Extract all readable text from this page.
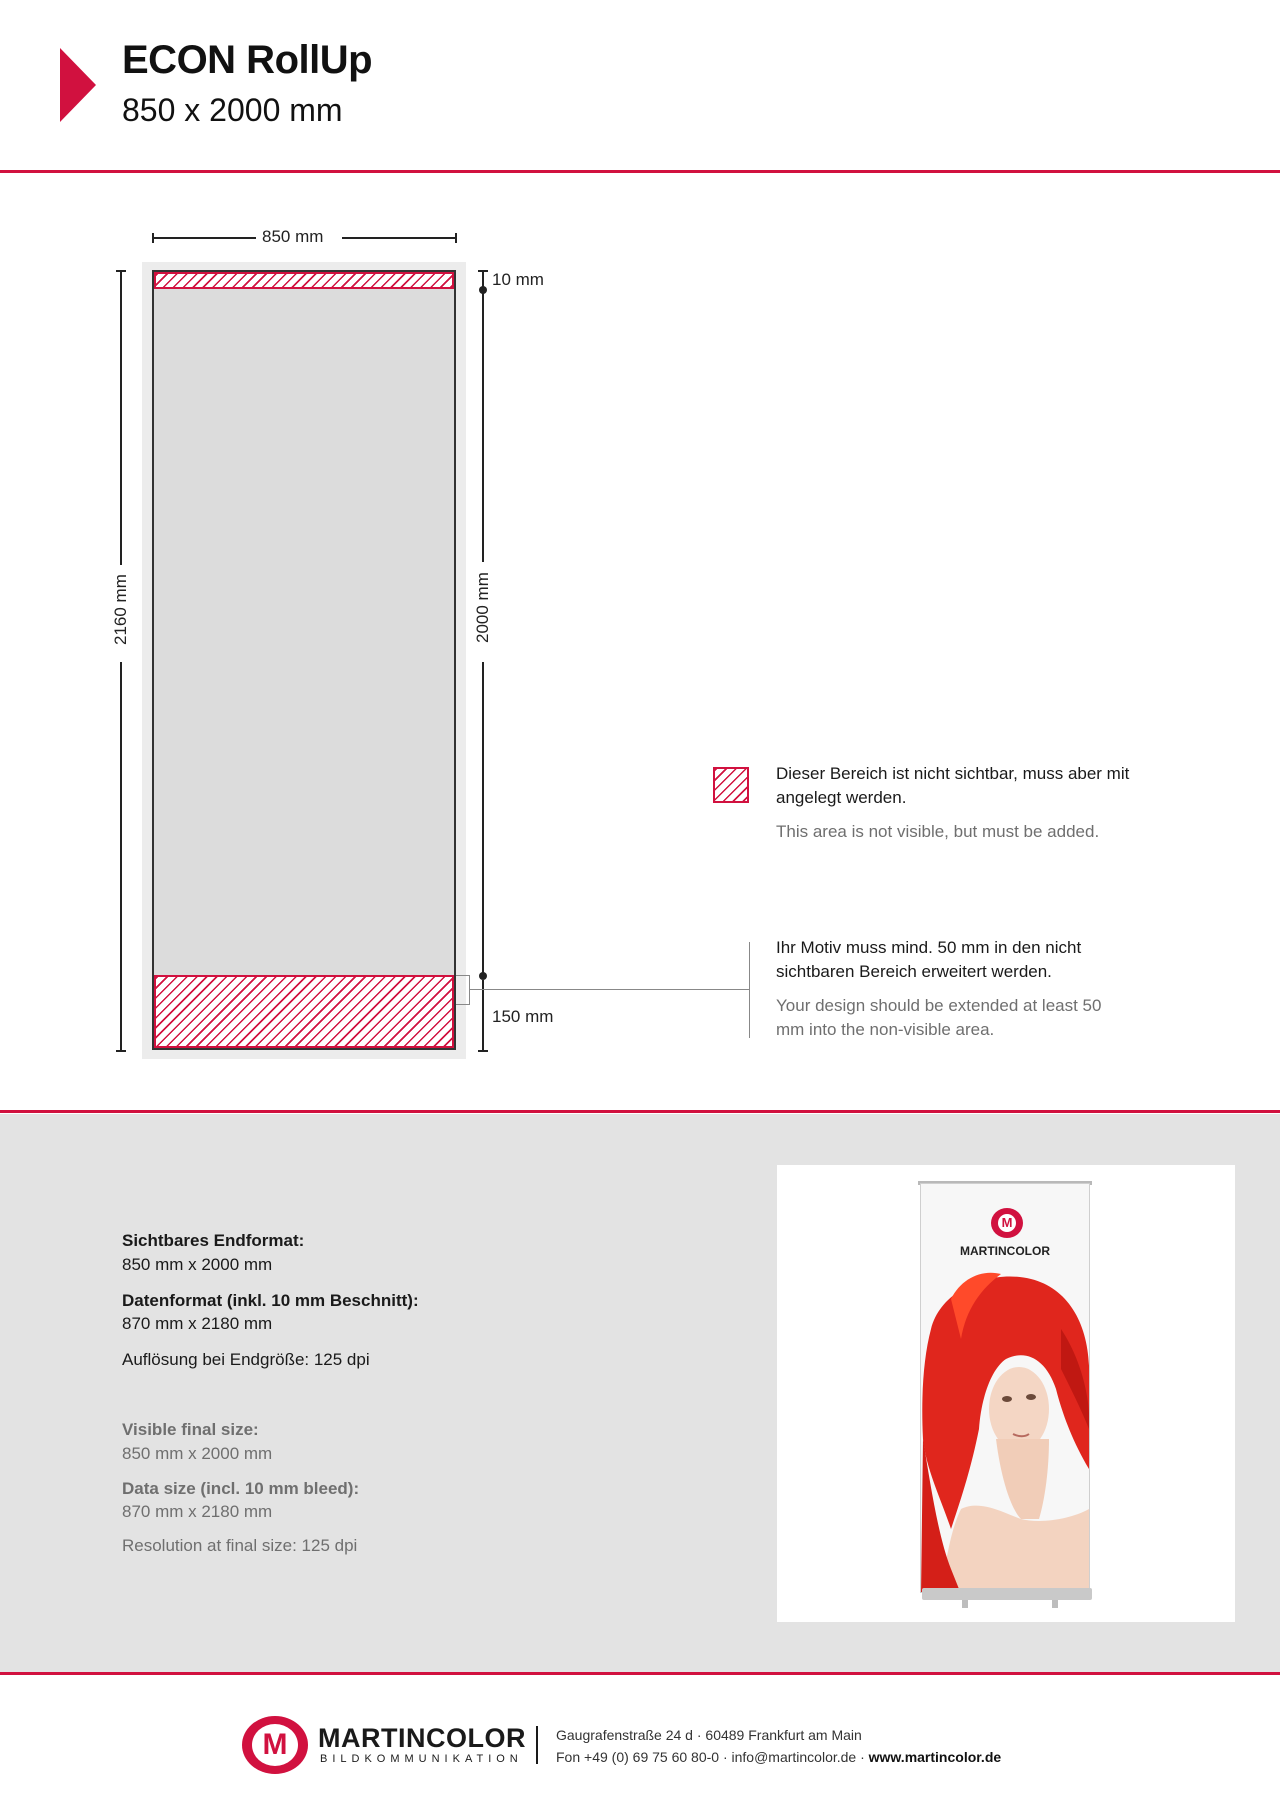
ECON RollUp
850 x 2000 mm
850 mm
2160 mm
10 mm
2000 mm
150 mm
Dieser Bereich ist nicht sichtbar, muss aber mit angelegt werden.
This area is not visible, but must be added.
Ihr Motiv muss mind. 50 mm in den nicht sichtbaren Bereich erweitert werden.
Your design should be extended at least 50 mm into the non-visible area.
Sichtbares Endformat:
850 mm x 2000 mm
Datenformat (inkl. 10 mm Beschnitt):
870 mm x 2180 mm
Auflösung bei Endgröße: 125 dpi
Visible final size:
850 mm x 2000 mm
Data size (incl. 10 mm bleed):
870 mm x 2180 mm
Resolution at final size: 125 dpi
M
MARTINCOLOR
M	MARTINCOLOR
BILDKOMMUNIKATION
Gaugrafenstraße 24 d · 60489 Frankfurt am Main
Fon +49 (0) 69 75 60 80-0 · info@martincolor.de · www.martincolor.de
